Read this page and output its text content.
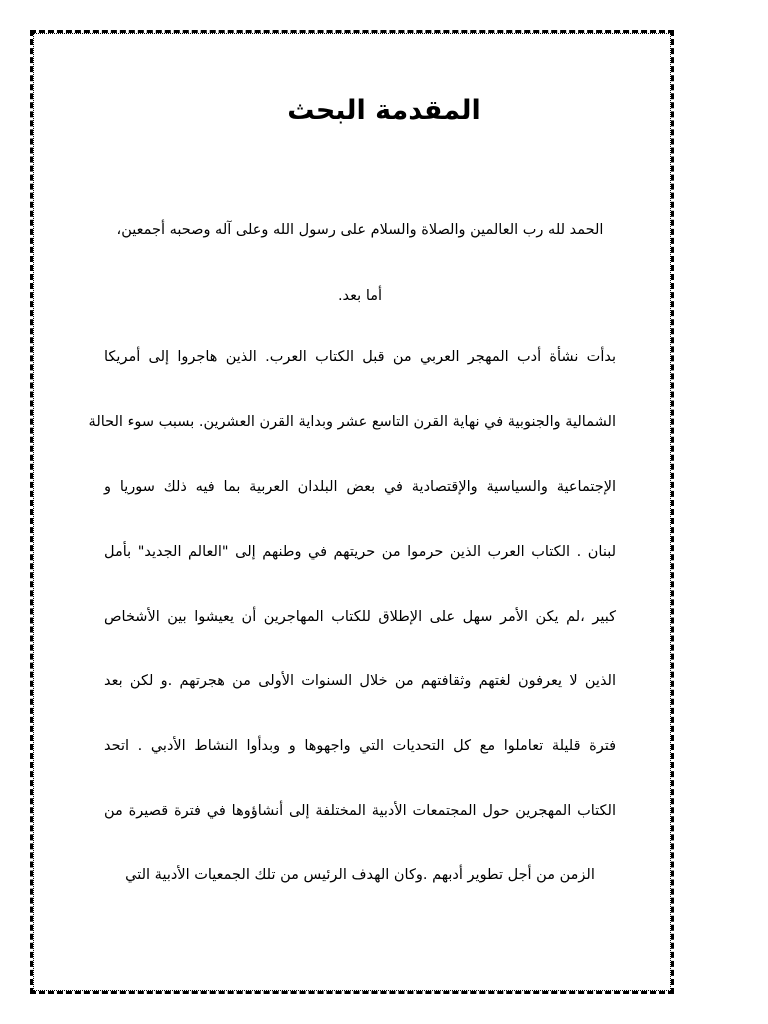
المقدمة البحث

الحمد لله رب العالمين والصلاة والسلام على رسول الله وعلى آله وصحبه أجمعين،

أما بعد.

بدأت نشأة أدب المهجر العربي من قبل الكتاب العرب. الذين هاجروا إلى أمريكا

الشمالية والجنوبية في نهاية القرن التاسع عشر وبداية القرن العشرين. بسبب سوء الحالة

الإجتماعية والسياسية والإقتصادية في بعض البلدان العربية بما فيه ذلك سوريا و

لبنان . الكتاب العرب الذين حرموا من حريتهم في وطنهم إلى "العالم الجديد" بأمل

كبير ،لم يكن الأمر سهل على الإطلاق للكتاب المهاجرين أن يعيشوا بين الأشخاص

الذين لا يعرفون لغتهم وثقافتهم من خلال السنوات الأولى من هجرتهم .و لكن بعد

فترة قليلة تعاملوا مع كل التحديات التي واجهوها و وبدأوا النشاط الأدبي . اتحد

الكتاب المهجرين حول المجتمعات الأدبية المختلفة إلى أنشاؤوها في فترة قصيرة من

الزمن من أجل تطوير أدبهم .وكان الهدف الرئيس من تلك الجمعيات الأدبية التي
